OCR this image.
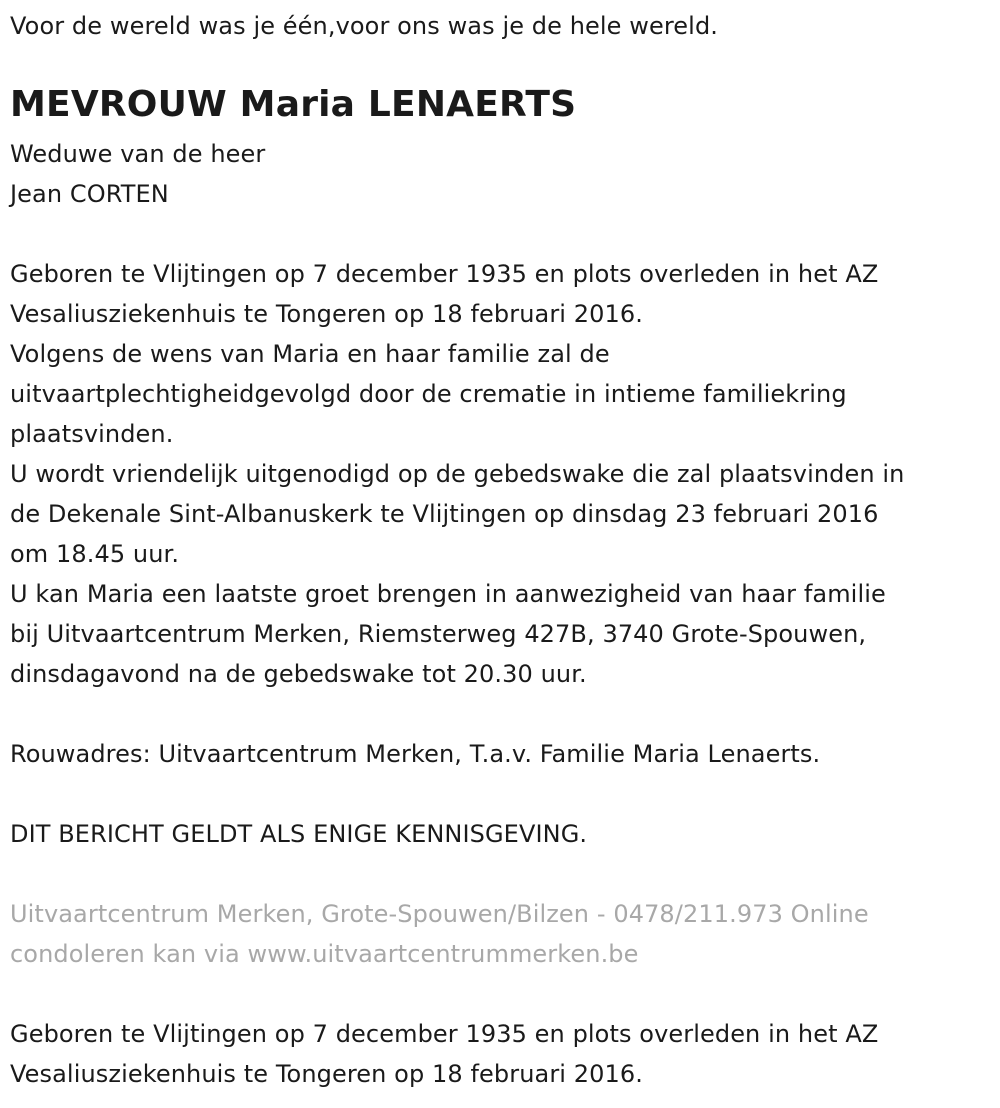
Voor de wereld was je één,voor ons was je de hele wereld.
MEVROUW Maria LENAERTS
Weduwe van de heer
Jean CORTEN
Geboren te Vlijtingen op 7 december 1935 en plots overleden in het AZ
Vesaliusziekenhuis te Tongeren op 18 februari 2016.
Volgens de wens van Maria en haar familie zal de
uitvaartplechtigheidgevolgd door de crematie in intieme familiekring
plaatsvinden.
U wordt vriendelijk uitgenodigd op de gebedswake die zal plaatsvinden in
de Dekenale Sint-Albanuskerk te Vlijtingen op dinsdag 23 februari 2016
om 18.45 uur.
U kan Maria een laatste groet brengen in aanwezigheid van haar familie
bij Uitvaartcentrum Merken, Riemsterweg 427B, 3740 Grote-Spouwen,
dinsdagavond na de gebedswake tot 20.30 uur.
Rouwadres: Uitvaartcentrum Merken, T.a.v. Familie Maria Lenaerts.
DIT BERICHT GELDT ALS ENIGE KENNISGEVING.
Uitvaartcentrum Merken, Grote-Spouwen/Bilzen - 0478/211.973 Online
condoleren kan via www.uitvaartcentrummerken.be
Geboren te Vlijtingen op 7 december 1935 en plots overleden in het AZ
Vesaliusziekenhuis te Tongeren op 18 februari 2016.
